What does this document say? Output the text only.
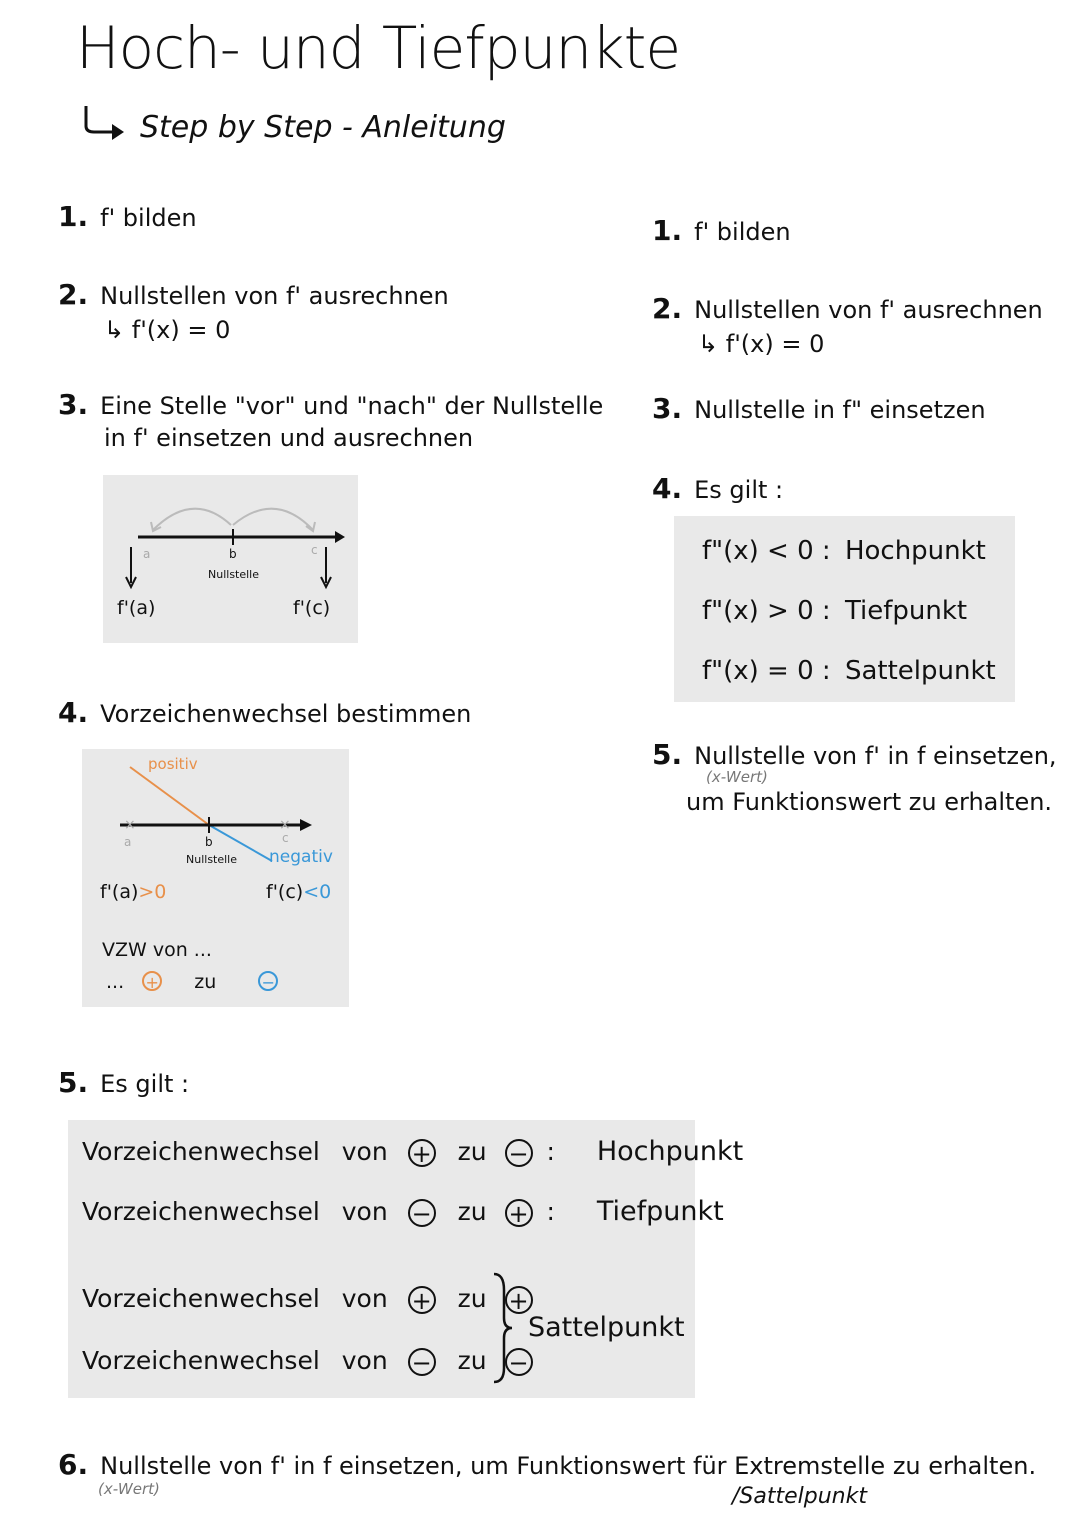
Hoch- und Tiefpunkte
Step by Step - Anleitung
1. f' bilden
2. Nullstellen von f' ausrechnen
↳ f'(x) = 0
3. Eine Stelle "vor" und "nach" der Nullstelle
in f' einsetzen und ausrechnen
a	b	c
Nullstelle
f'(a)	f'(c)
4. Vorzeichenwechsel bestimmen
×	×
positiv
a	b	c
Nullstelle negativ
f'(a)>0	f'(c)<0
VZW von ...
... + zu	−
5. Es gilt :
Vorzeichenwechsel von + zu − : Hochpunkt
Vorzeichenwechsel von − zu + : Tiefpunkt
Vorzeichenwechsel von + zu +
Vorzeichenwechsel von − zu −
Sattelpunkt
6. Nullstelle von f' in f einsetzen, um Funktionswert für Extremstelle zu erhalten.
(x-Wert)	/Sattelpunkt
1. f' bilden
2. Nullstellen von f' ausrechnen
↳ f'(x) = 0
3. Nullstelle in f" einsetzen
4. Es gilt :
f"(x) < 0 : Hochpunkt
f"(x) > 0 : Tiefpunkt
f"(x) = 0 : Sattelpunkt
5. Nullstelle von f' in f einsetzen,
(x-Wert)
um Funktionswert zu erhalten.
